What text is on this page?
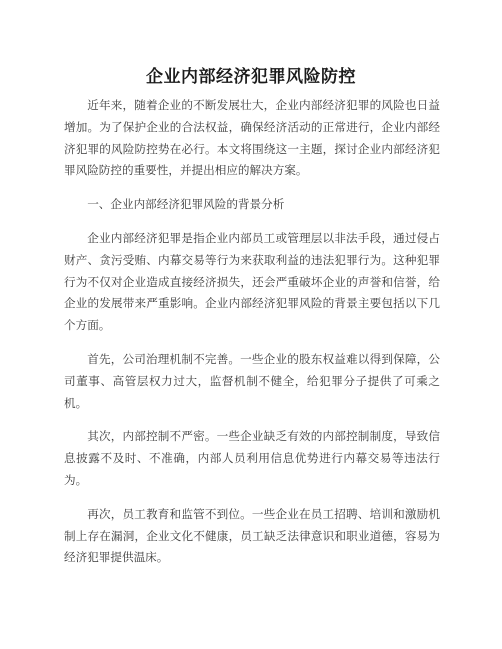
企业内部经济犯罪风险防控

近年来，随着企业的不断发展壮大，企业内部经济犯罪的风险也日益增加。为了保护企业的合法权益，确保经济活动的正常进行，企业内部经济犯罪的风险防控势在必行。本文将围绕这一主题，探讨企业内部经济犯罪风险防控的重要性，并提出相应的解决方案。

一、企业内部经济犯罪风险的背景分析

企业内部经济犯罪是指企业内部员工或管理层以非法手段，通过侵占财产、贪污受贿、内幕交易等行为来获取利益的违法犯罪行为。这种犯罪行为不仅对企业造成直接经济损失，还会严重破坏企业的声誉和信誉，给企业的发展带来严重影响。企业内部经济犯罪风险的背景主要包括以下几个方面。

首先，公司治理机制不完善。一些企业的股东权益难以得到保障，公司董事、高管层权力过大，监督机制不健全，给犯罪分子提供了可乘之机。

其次，内部控制不严密。一些企业缺乏有效的内部控制制度，导致信息披露不及时、不准确，内部人员利用信息优势进行内幕交易等违法行为。

再次，员工教育和监管不到位。一些企业在员工招聘、培训和激励机制上存在漏洞，企业文化不健康，员工缺乏法律意识和职业道德，容易为经济犯罪提供温床。
